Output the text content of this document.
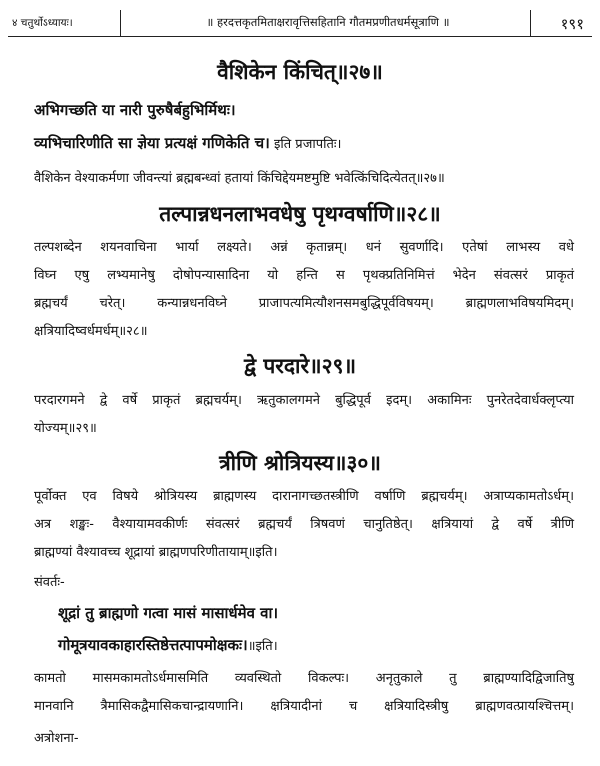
४ चतुर्थोऽध्यायः।	॥ हरदत्तकृतमिताक्षरावृत्तिसहितानि गौतमप्रणीतधर्मसूत्राणि ॥	१९१
वैशिकेन किंचित्॥२७॥
अभिगच्छति या नारी पुरुषैर्बहुभिर्मिथः।
व्यभिचारिणीति सा ज्ञेया प्रत्यक्षं गणिकेति च। इति प्रजापतिः।
वैशिकेन वेश्याकर्मणा जीवन्त्यां ब्रह्मबन्ध्वां हतायां किंचिद्देयमष्टमुष्टि भवेत्किंचिदित्येतत्॥२७॥
तल्पान्नधनलाभवधेषु पृथग्वर्षाणि॥२८॥
तल्पशब्देन शयनवाचिना भार्या लक्ष्यते। अन्नं कृतान्नम्। धनं सुवर्णादि। एतेषां लाभस्य वधे
विघ्न एषु लभ्यमानेषु दोषोपन्यासादिना यो हन्ति स पृथक्प्रतिनिमित्तं भेदेन संवत्सरं प्राकृतं
ब्रह्मचर्यं चरेत्। कन्यान्नधनविघ्ने प्राजापत्यमित्यौशनसमबुद्धिपूर्वविषयम्। ब्राह्मणलाभविषयमिदम्।
क्षत्रियादिष्वर्धमर्धम्॥२८॥
द्वे परदारे॥२९॥
परदारगमने द्वे वर्षे प्राकृतं ब्रह्मचर्यम्। ऋतुकालगमने बुद्धिपूर्व इदम्। अकामिनः पुनरेतदेवार्धक्लृप्त्या
योज्यम्॥२९॥
त्रीणि श्रोत्रियस्य॥३०॥
पूर्वोक्त एव विषये श्रोत्रियस्य ब्राह्मणस्य दारानागच्छतस्त्रीणि वर्षाणि ब्रह्मचर्यम्। अत्राप्यकामतोऽर्धम्।
अत्र शङ्खः- वैश्यायामवकीर्णः संवत्सरं ब्रह्मचर्यं त्रिषवणं चानुतिष्ठेत्। क्षत्रियायां द्वे वर्षे त्रीणि
ब्राह्मण्यां वैश्यावच्च शूद्रायां ब्राह्मणपरिणीतायाम्॥इति।
संवर्तः-
शूद्रां तु ब्राह्मणो गत्वा मासं मासार्धमेव वा।
गोमूत्रयावकाहारस्तिष्ठेत्तत्पापमोक्षकः।॥इति।
कामतो मासमकामतोऽर्धमासमिति व्यवस्थितो विकल्पः। अनृतुकाले तु ब्राह्मण्यादिद्विजातिषु
मानवानि त्रैमासिकद्वैमासिकचान्द्रायणानि। क्षत्रियादीनां च क्षत्रियादिस्त्रीषु ब्राह्मणवत्प्रायश्चित्तम्।
अत्रोशना-
